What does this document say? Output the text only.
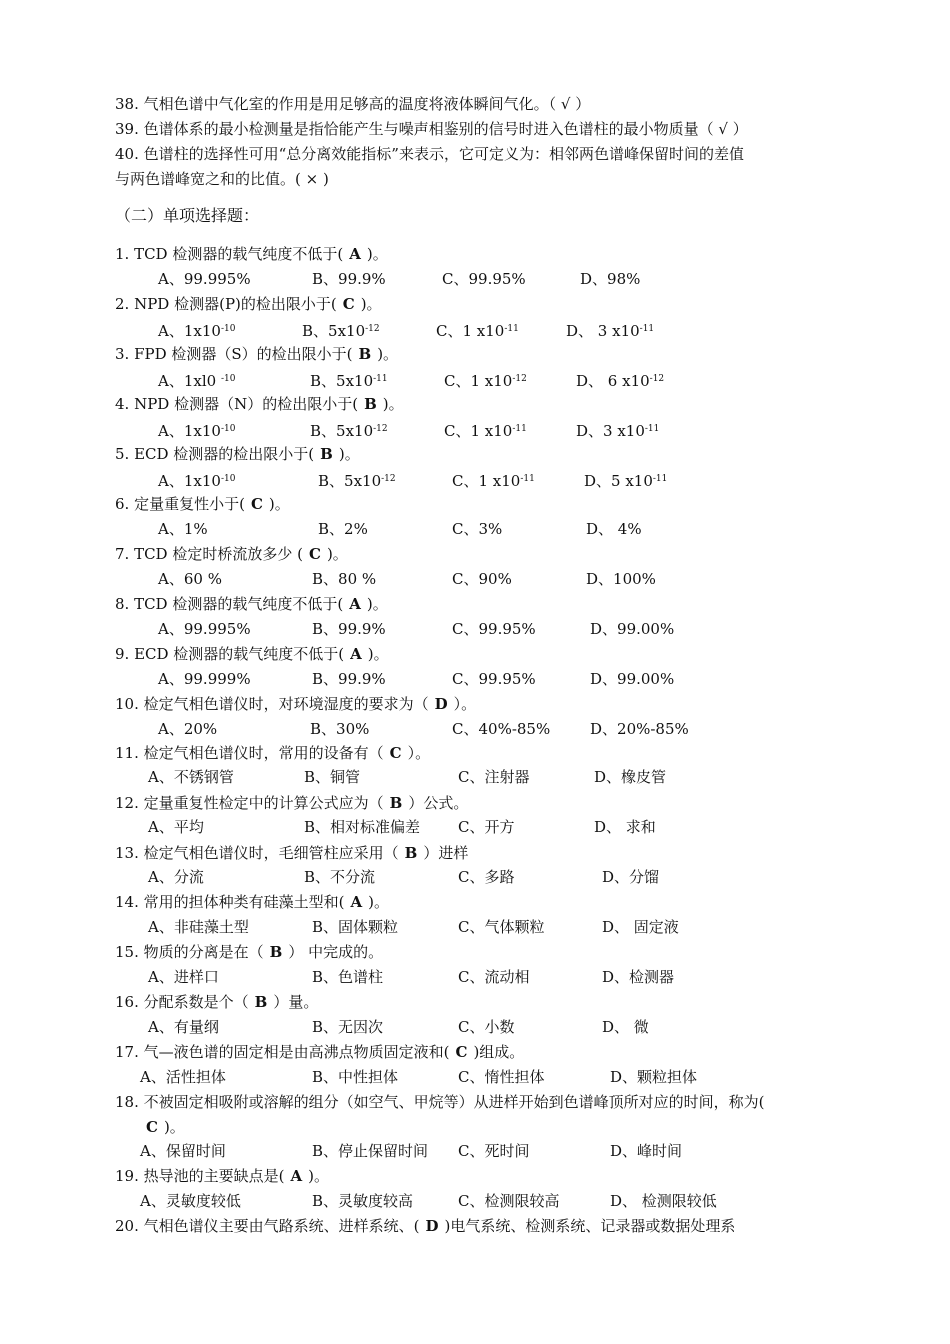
38. 气相色谱中气化室的作用是用足够高的温度将液体瞬间气化。（ √ ）
39. 色谱体系的最小检测量是指恰能产生与噪声相鉴别的信号时进入色谱柱的最小物质量（ √ ）
40. 色谱柱的选择性可用“总分离效能指标”来表示，它可定义为：相邻两色谱峰保留时间的差值
与两色谱峰宽之和的比值。( × )
（二）单项选择题：
1. TCD 检测器的载气纯度不低于( A )。
A、99.995%	B、99.9%	C、99.95%	D、98%
2. NPD 检测器(P)的检出限小于( C )。
A、$1x10^{-10}$	B、$5x10^{-12}$	C、1 $x10^{-11}$	D、 3 $x10^{-11}$
3. FPD 检测器（S）的检出限小于( B )。
A、1xl0 $^{-10}$	B、$5x10^{-11}$	C、1 $x10^{-12}$	D、 6 $x10^{-12}$
4. NPD 检测器（N）的检出限小于( B )。
A、$1x10^{-10}$	B、$5x10^{-12}$	C、1 $x10^{-11}$	D、3 $x10^{-11}$
5. ECD 检测器的检出限小于( B )。
A、$1x10^{-10}$	B、$5x10^{-12}$	C、1 $x10^{-11}$	D、5 $x10^{-11}$
6. 定量重复性小于( C )。
A、1%	B、2%	C、3%	D、 4%
7. TCD 检定时桥流放多少 ( C )。
A、60 %	B、80 %	C、90%	D、100%
8. TCD 检测器的载气纯度不低于( A )。
A、99.995%	B、99.9%	C、99.95%	D、99.00%
9. ECD 检测器的载气纯度不低于( A )。
A、99.999%	B、99.9%	C、99.95%	D、99.00%
10. 检定气相色谱仪时，对环境湿度的要求为（ D ）。
A、20%	B、30%	C、40%-85%	D、20%-85%
11. 检定气相色谱仪时，常用的设备有（ C ）。
A、不锈钢管	B、铜管	C、注射器	D、橡皮管
12. 定量重复性检定中的计算公式应为（ B ）公式。
A、平均	B、相对标准偏差	C、开方	D、 求和
13. 检定气相色谱仪时，毛细管柱应采用（ B ）进样
A、分流	B、不分流	C、多路	D、分馏
14. 常用的担体种类有硅藻土型和( A )。
A、非硅藻土型	B、固体颗粒	C、气体颗粒	D、 固定液
15. 物质的分离是在（ B ） 中完成的。
A、进样口	B、色谱柱	C、流动相	D、检测器
16. 分配系数是个（ B ）量。
A、有量纲	B、无因次	C、小数	D、 微
17. 气—液色谱的固定相是由高沸点物质固定液和( C )组成。
A、活性担体	B、中性担体	C、惰性担体	D、颗粒担体
18. 不被固定相吸附或溶解的组分（如空气、甲烷等）从进样开始到色谱峰顶所对应的时间，称为(
C )。
A、保留时间	B、停止保留时间 C、死时间	D、峰时间
19. 热导池的主要缺点是( A )。
A、灵敏度较低	B、灵敏度较高	C、检测限较高	D、 检测限较低
20. 气相色谱仪主要由气路系统、进样系统、( D )电气系统、检测系统、记录器或数据处理系
